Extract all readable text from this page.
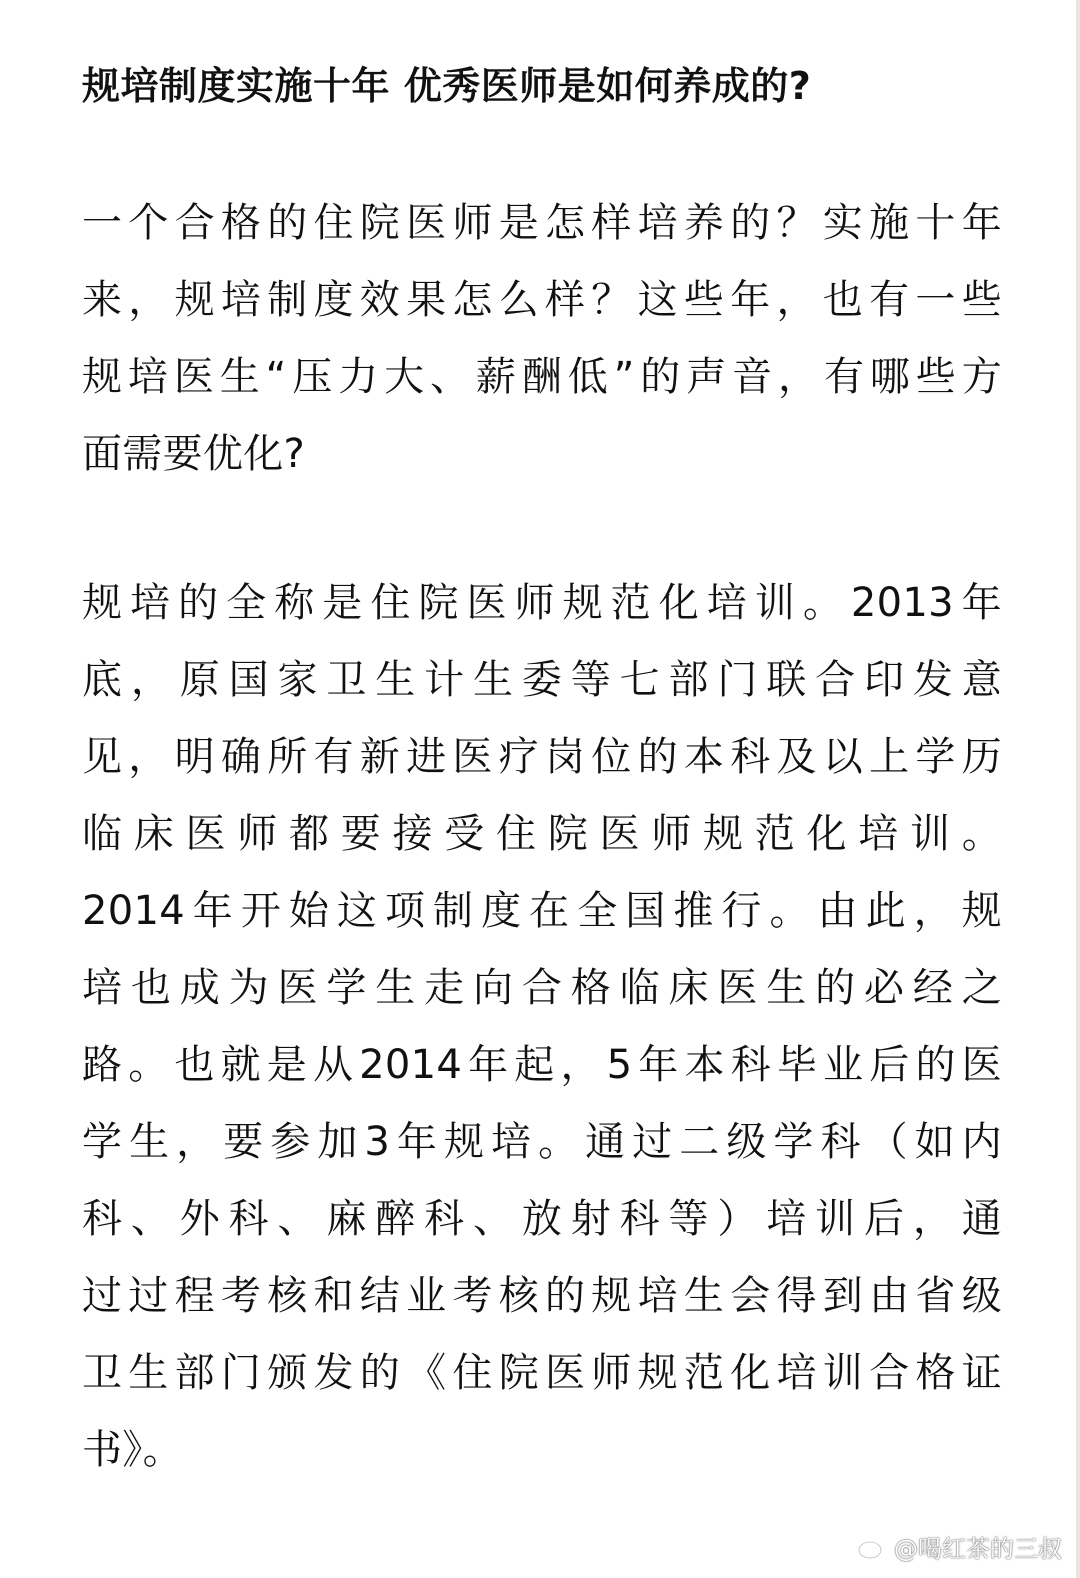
规培制度实施十年 优秀医师是如何养成的?
一个合格的住院医师是怎样培养的？实施十年
来，规培制度效果怎么样？这些年，也有一些
规培医生“压力大、薪酬低”的声音，有哪些方
面需要优化?
规培的全称是住院医师规范化培训。2013年
底，原国家卫生计生委等七部门联合印发意
见，明确所有新进医疗岗位的本科及以上学历
临床医师都要接受住院医师规范化培训。
2014年开始这项制度在全国推行。由此，规
培也成为医学生走向合格临床医生的必经之
路。也就是从2014年起，5年本科毕业后的医
学生，要参加3年规培。通过二级学科（如内
科、外科、麻醉科、放射科等）培训后，通
过过程考核和结业考核的规培生会得到由省级
卫生部门颁发的《住院医师规范化培训合格证
书》。
@喝红茶的三叔
